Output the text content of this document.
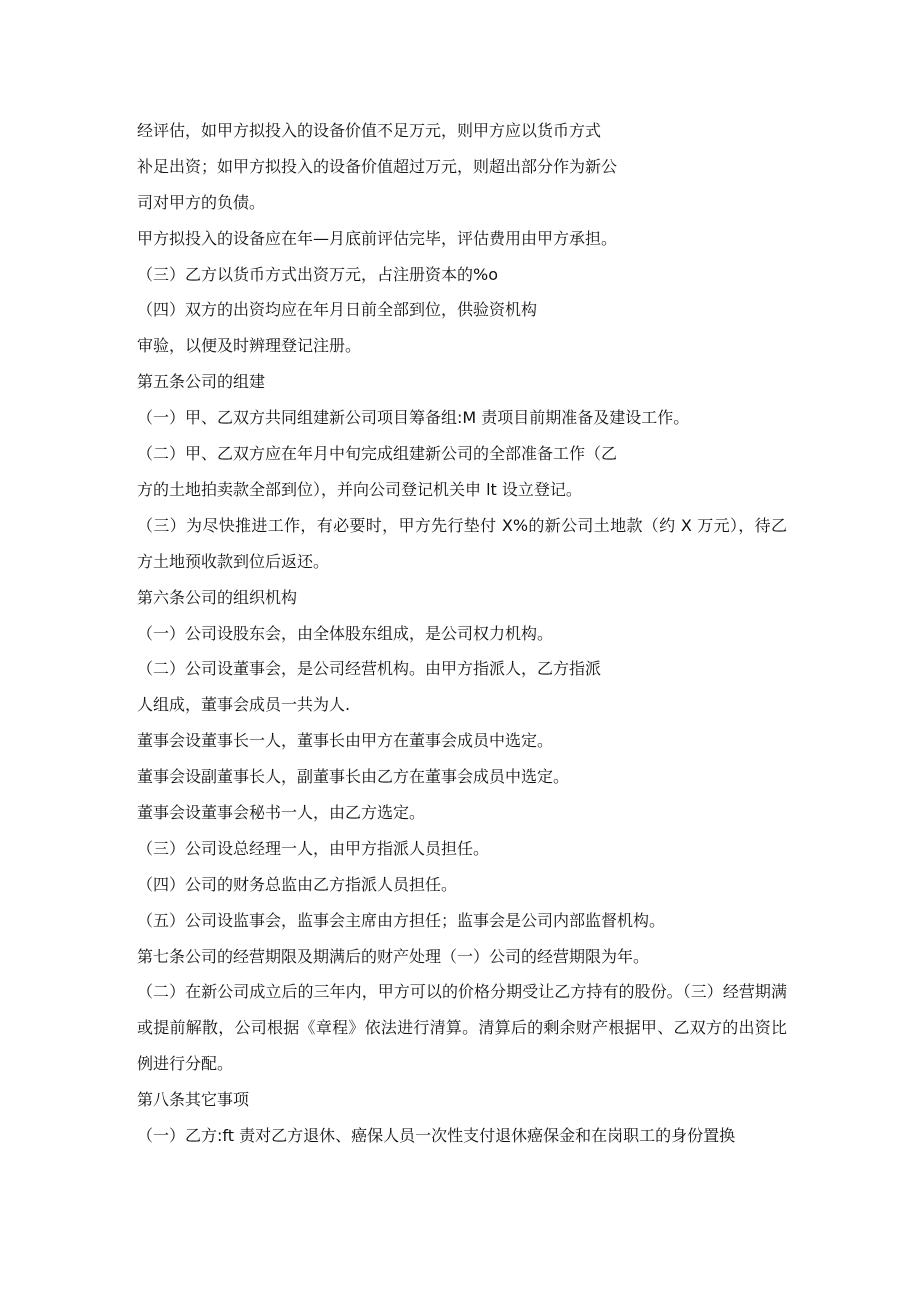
经评估，如甲方拟投入的设备价值不足万元，则甲方应以货币方式

补足出资；如甲方拟投入的设备价值超过万元，则超出部分作为新公

司对甲方的负债。

甲方拟投入的设备应在年—月底前评估完毕，评估费用由甲方承担。

（三）乙方以货币方式出资万元，占注册资本的%o

（四）双方的出资均应在年月日前全部到位，供验资机构

审验，以便及时辨理登记注册。

第五条公司的组建

（一）甲、乙双方共同组建新公司项目筹备组:M 责项目前期准备及建设工作。

（二）甲、乙双方应在年月中旬完成组建新公司的全部准备工作（乙

方的土地拍卖款全部到位），并向公司登记机关申 lt 设立登记。

（三）为尽快推进工作，有必要时，甲方先行垫付 X%的新公司土地款（约 X 万元），待乙方土地预收款到位后返还。

第六条公司的组织机构

（一）公司设股东会，由全体股东组成，是公司权力机构。

（二）公司设董事会，是公司经营机构。由甲方指派人，乙方指派

人组成，董事会成员一共为人.

董事会设董事长一人，董事长由甲方在董事会成员中选定。

董事会设副董事长人，副董事长由乙方在董事会成员中选定。

董事会设董事会秘书一人，由乙方选定。

（三）公司设总经理一人，由甲方指派人员担任。

（四）公司的财务总监由乙方指派人员担任。

（五）公司设监事会，监事会主席由方担任；监事会是公司内部监督机构。

第七条公司的经营期限及期满后的财产处理（一）公司的经营期限为年。

（二）在新公司成立后的三年内，甲方可以的价格分期受让乙方持有的股份。（三）经营期满或提前解散，公司根据《章程》依法进行清算。清算后的剩余财产根据甲、乙双方的出资比例进行分配。

第八条其它事项

（一）乙方:ft 责对乙方退休、癌保人员一次性支付退休癌保金和在岗职工的身份置换
